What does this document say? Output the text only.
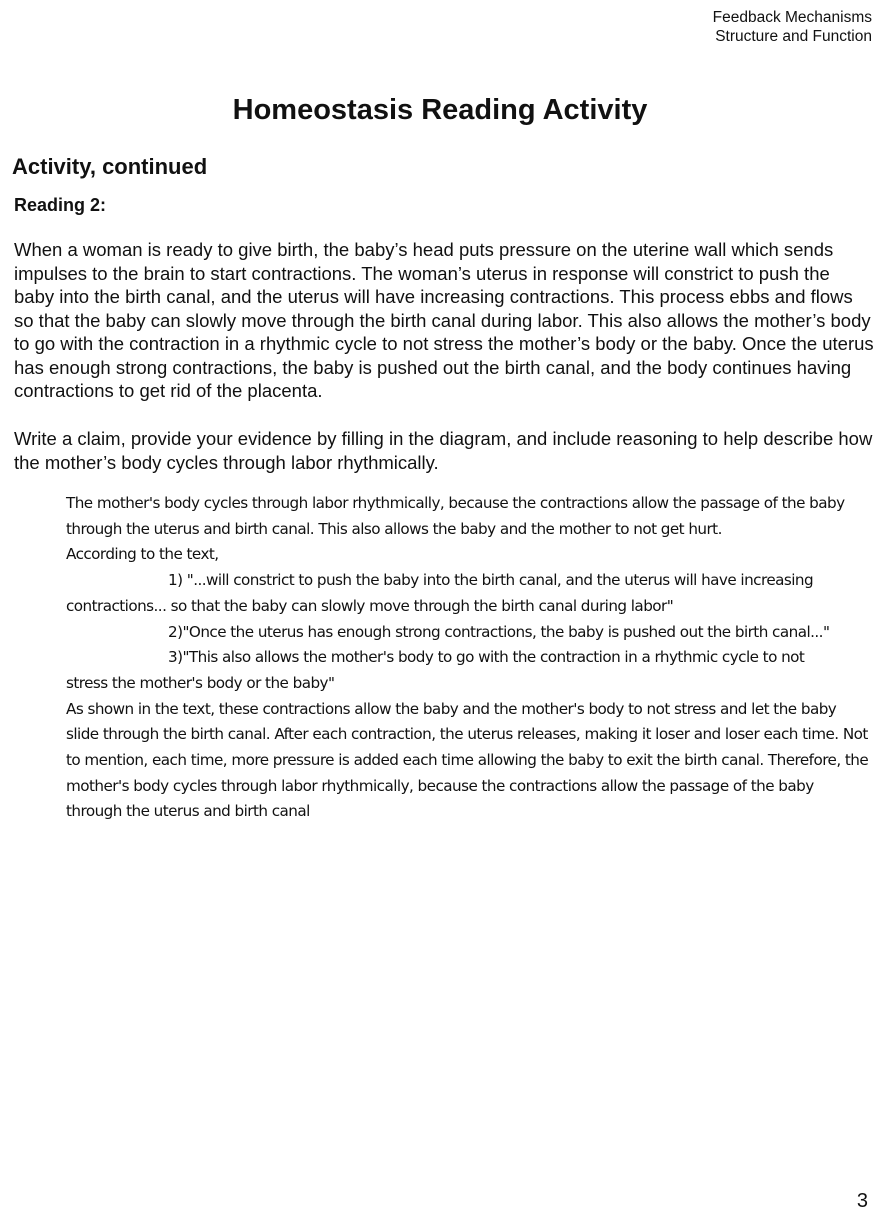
Feedback Mechanisms
Structure and Function
Homeostasis Reading Activity
Activity, continued
Reading 2:

When a woman is ready to give birth, the baby’s head puts pressure on the uterine wall which sends impulses to the brain to start contractions. The woman’s uterus in response will constrict to push the baby into the birth canal, and the uterus will have increasing contractions. This process ebbs and flows so that the baby can slowly move through the birth canal during labor. This also allows the mother’s body to go with the contraction in a rhythmic cycle to not stress the mother’s body or the baby. Once the uterus has enough strong contractions, the baby is pushed out the birth canal, and the body continues having contractions to get rid of the placenta.

Write a claim, provide your evidence by filling in the diagram, and include reasoning to help describe how the mother’s body cycles through labor rhythmically.

The mother's body cycles through labor rhythmically, because the contractions allow the passage of the baby through the uterus and birth canal. This also allows the baby and the mother to not get hurt.
According to the text,
1) "...will constrict to push the baby into the birth canal, and the uterus will have increasing
contractions... so that the baby can slowly move through the birth canal during labor"
2)"Once the uterus has enough strong contractions, the baby is pushed out the birth canal..."
3)"This also allows the mother's body to go with the contraction in a rhythmic cycle to not
stress the mother's body or the baby"
As shown in the text, these contractions allow the baby and the mother's body to not stress and let the baby slide through the birth canal. After each contraction, the uterus releases, making it loser and loser each time. Not to mention, each time, more pressure is added each time allowing the baby to exit the birth canal. Therefore, the mother's body cycles through labor rhythmically, because the contractions allow the passage of the baby through the uterus and birth canal
3
